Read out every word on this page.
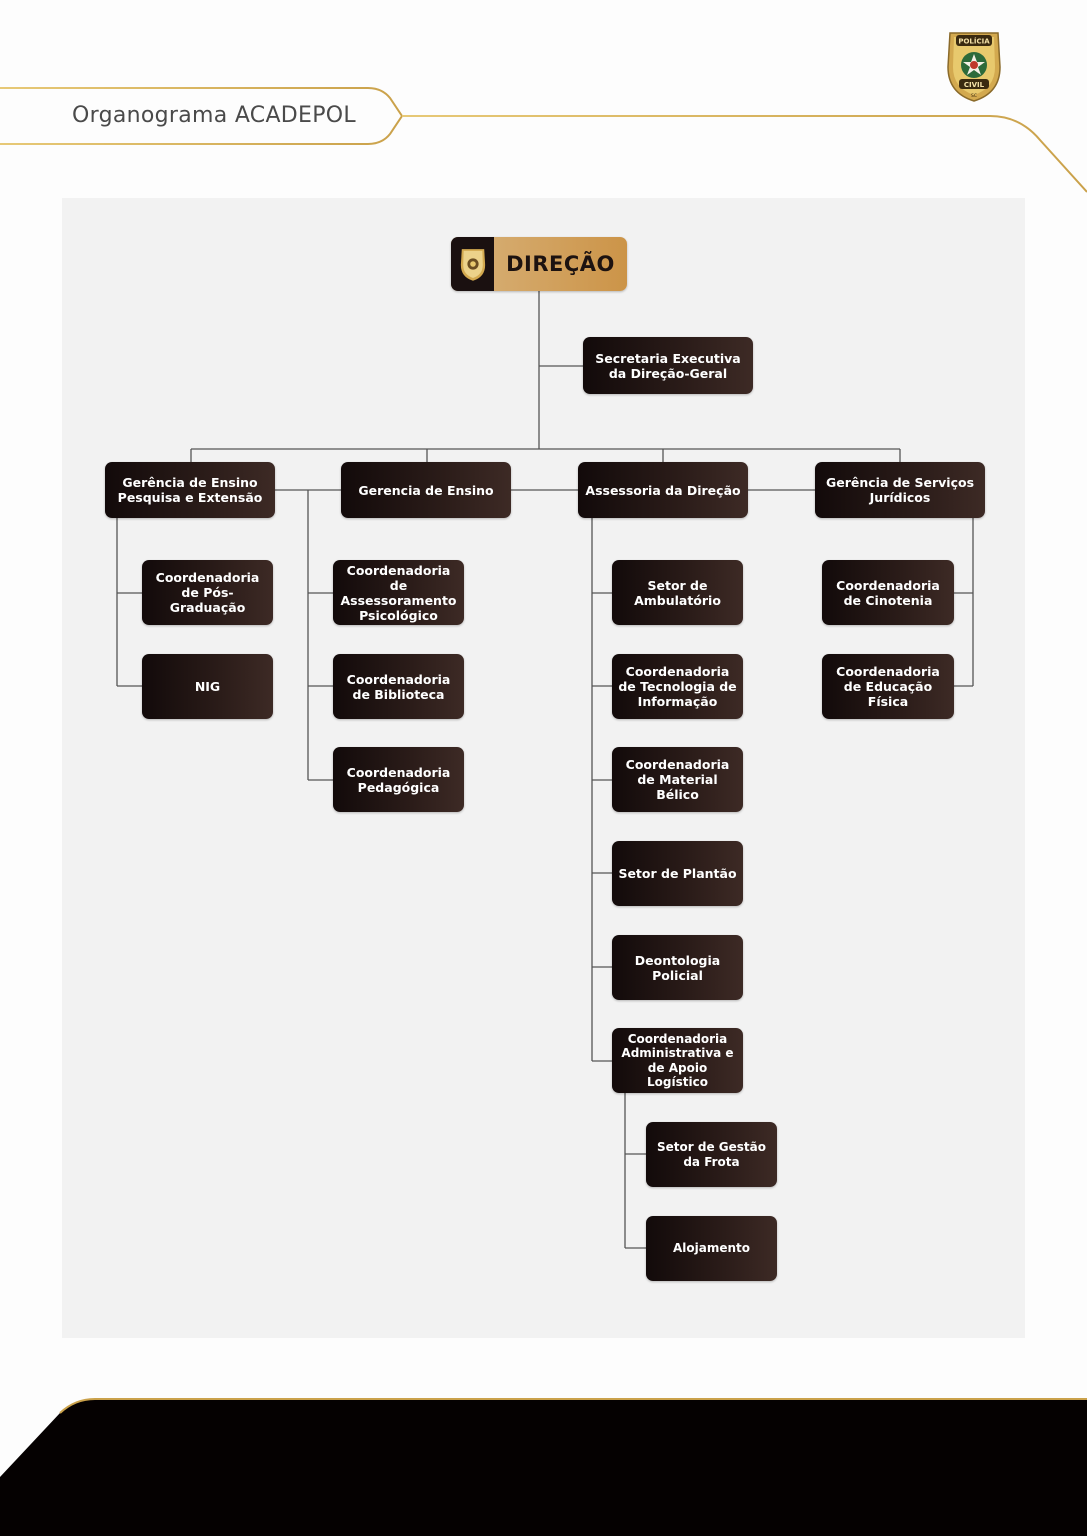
Organograma ACADEPOL
POLÍCIA
CIVIL
SC
DIREÇÃO
Secretaria Executiva da Direção-Geral
Gerência de Ensino Pesquisa e Extensão	Gerencia de Ensino	Assessoria da Direção	Gerência de Serviços Jurídicos
Coordenadoria de Pós-Graduação
NIG
Coordenadoria de Assessoramento Psicológico
Coordenadoria de Biblioteca
Coordenadoria Pedagógica
Setor de Ambulatório
Coordenadoria de Tecnologia de Informação
Coordenadoria de Material Bélico
Setor de Plantão
Deontologia Policial
Coordenadoria Administrativa e de Apoio Logístico
Setor de Gestão da Frota
Alojamento
Coordenadoria de Cinotenia
Coordenadoria de Educação Física
